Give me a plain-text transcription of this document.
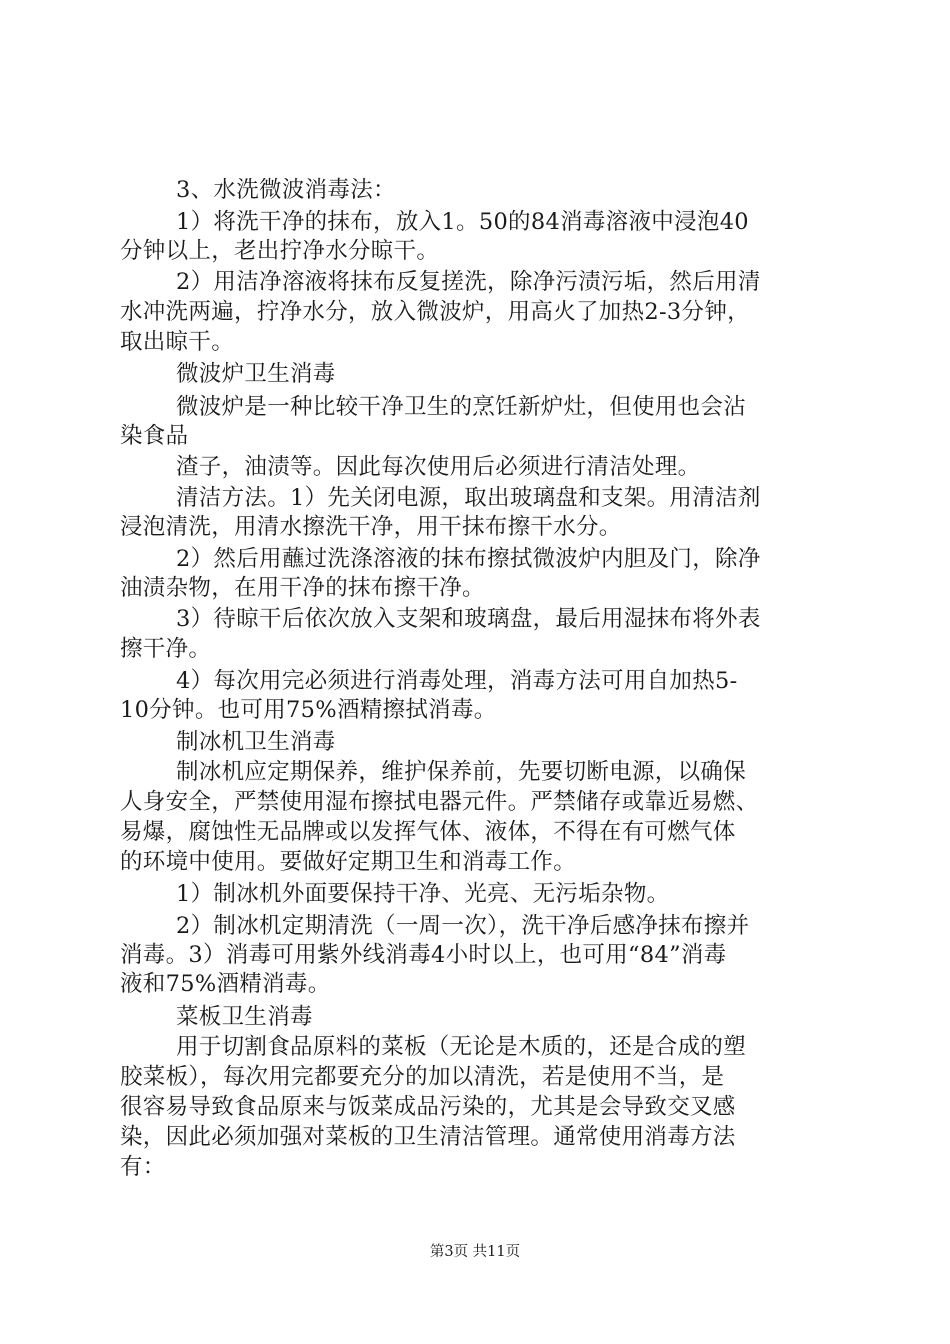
3、水洗微波消毒法：

1）将洗干净的抹布，放入1。50的84消毒溶液中浸泡40

分钟以上，老出拧净水分晾干。

2）用洁净溶液将抹布反复搓洗，除净污渍污垢，然后用清

水冲洗两遍，拧净水分，放入微波炉，用高火了加热2-3分钟，

取出晾干。

微波炉卫生消毒

微波炉是一种比较干净卫生的烹饪新炉灶，但使用也会沾

染食品

渣子，油渍等。因此每次使用后必须进行清洁处理。

清洁方法。1）先关闭电源，取出玻璃盘和支架。用清洁剂

浸泡清洗，用清水擦洗干净，用干抹布擦干水分。

2）然后用蘸过洗涤溶液的抹布擦拭微波炉内胆及门，除净

油渍杂物，在用干净的抹布擦干净。

3）待晾干后依次放入支架和玻璃盘，最后用湿抹布将外表

擦干净。

4）每次用完必须进行消毒处理，消毒方法可用自加热5-

10分钟。也可用75%酒精擦拭消毒。

制冰机卫生消毒

制冰机应定期保养，维护保养前，先要切断电源，以确保

人身安全，严禁使用湿布擦拭电器元件。严禁储存或靠近易燃、

易爆，腐蚀性无品牌或以发挥气体、液体，不得在有可燃气体

的环境中使用。要做好定期卫生和消毒工作。

1）制冰机外面要保持干净、光亮、无污垢杂物。

2）制冰机定期清洗（一周一次），洗干净后感净抹布擦并

消毒。3）消毒可用紫外线消毒4小时以上，也可用“84”消毒

液和75%酒精消毒。

菜板卫生消毒

用于切割食品原料的菜板（无论是木质的，还是合成的塑

胶菜板），每次用完都要充分的加以清洗，若是使用不当，是

很容易导致食品原来与饭菜成品污染的，尤其是会导致交叉感

染，因此必须加强对菜板的卫生清洁管理。通常使用消毒方法

有：

第3页 共11页
